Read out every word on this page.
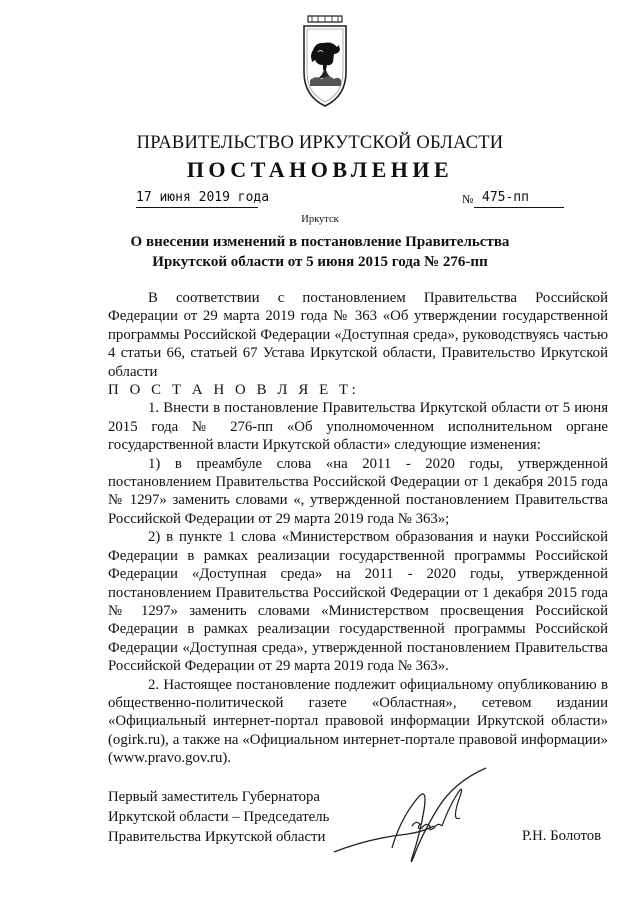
ПРАВИТЕЛЬСТВО ИРКУТСКОЙ ОБЛАСТИ
ПОСТАНОВЛЕНИЕ
17 июня 2019 года	№ 475-пп
Иркутск
О внесении изменений в постановление Правительства Иркутской области от 5 июня 2015 года № 276-пп

В соответствии с постановлением Правительства Российской Федерации от 29 марта 2019 года № 363 «Об утверждении государственной программы Российской Федерации «Доступная среда», руководствуясь частью 4 статьи 66, статьей 67 Устава Иркутской области, Правительство Иркутской области

П О С Т А Н О В Л Я Е Т:

1. Внести в постановление Правительства Иркутской области от 5 июня 2015 года № 276-пп «Об уполномоченном исполнительном органе государственной власти Иркутской области» следующие изменения:

1) в преамбуле слова «на 2011 - 2020 годы, утвержденной постановлением Правительства Российской Федерации от 1 декабря 2015 года № 1297» заменить словами «, утвержденной постановлением Правительства Российской Федерации от 29 марта 2019 года № 363»;

2) в пункте 1 слова «Министерством образования и науки Российской Федерации в рамках реализации государственной программы Российской Федерации «Доступная среда» на 2011 - 2020 годы, утвержденной постановлением Правительства Российской Федерации от 1 декабря 2015 года № 1297» заменить словами «Министерством просвещения Российской Федерации в рамках реализации государственной программы Российской Федерации «Доступная среда», утвержденной постановлением Правительства Российской Федерации от 29 марта 2019 года № 363».

2. Настоящее постановление подлежит официальному опубликованию в общественно-политической газете «Областная», сетевом издании «Официальный интернет-портал правовой информации Иркутской области» (ogirk.ru), а также на «Официальном интернет-портале правовой информации» (www.pravo.gov.ru).

Первый заместитель Губернатора
Иркутской области – Председатель
Правительства Иркутской области	Р.Н. Болотов
